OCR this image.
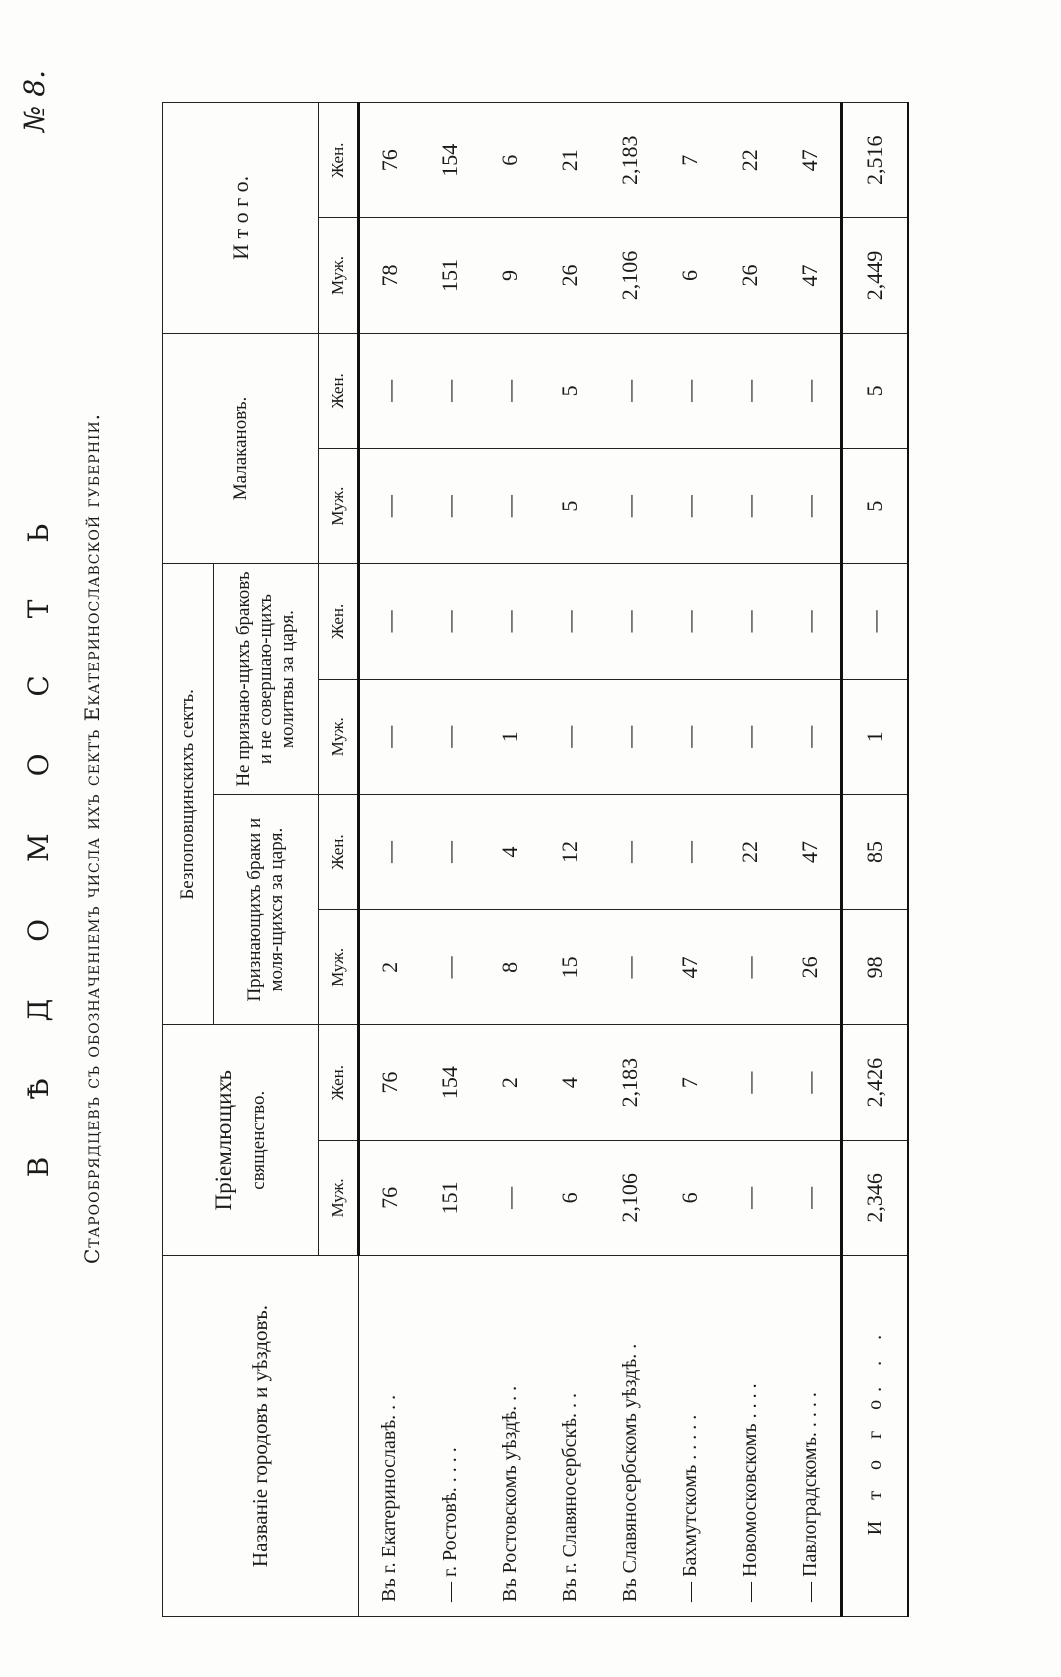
№ 8.
В Ѣ Д О М О С Т Ь Старообрядцевъ съ обозначенiемъ числа ихъ сектъ Екатеринославской губернiи.
Названiе городовъ и уѣздовъ.	Прiемлющихъ священство.		Безпоповщинскихъ сектъ.				Малакановъ.		И т о г о.	
			Признающихъ браки и моля-щихся за царя.		Не признаю-щихъ браковъ и не совершаю-щихъ молитвы за царя.					
	Муж.	Жен.	Муж.	Жен.	Муж.	Жен.	Муж.	Жен.	Муж.	Жен.
Въ г. Екатеринославѣ. . .	76	76	2	—	—	—	—	—	78	76
— г. Ростовѣ. . . . .	151	154	—	—	—	—	—	—	151	154
Въ Ростовскомъ уѣздѣ. . .	—	2	8	4	1	—	—	—	9	6
Въ г. Славяносербскѣ. . .	6	4	15	12	—	—	5	5	26	21
Въ Славяносербскомъ уѣздѣ. .	2,106	2,183	—	—	—	—	—	—	2,106	2,183
— Бахмутскомъ . . . . .	6	7	47	—	—	—	—	—	6	7
— Новомосковскомъ . . . .	—	—	—	22	—	—	—	—	26	22
— Павлоградскомъ. . . . .	—	—	26	47	—	—	—	—	47	47
И т о г о. . .	2,346	2,426	98	85	1	—	5	5	2,449	2,516
